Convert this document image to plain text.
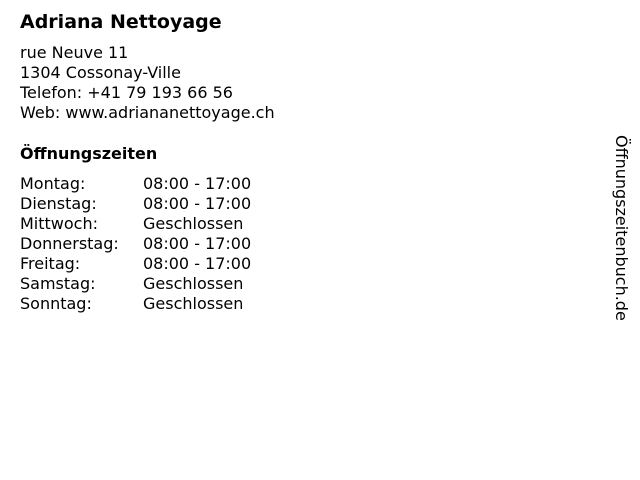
Adriana Nettoyage
rue Neuve 11
1304 Cossonay-Ville
Telefon: +41 79 193 66 56
Web: www.adriananettoyage.ch
Öffnungszeiten
Montag:	08:00 - 17:00
Dienstag:	08:00 - 17:00
Mittwoch:	Geschlossen
Donnerstag:	08:00 - 17:00
Freitag:	08:00 - 17:00
Samstag:	Geschlossen
Sonntag:	Geschlossen	Öffnungszeitenbuch.de
